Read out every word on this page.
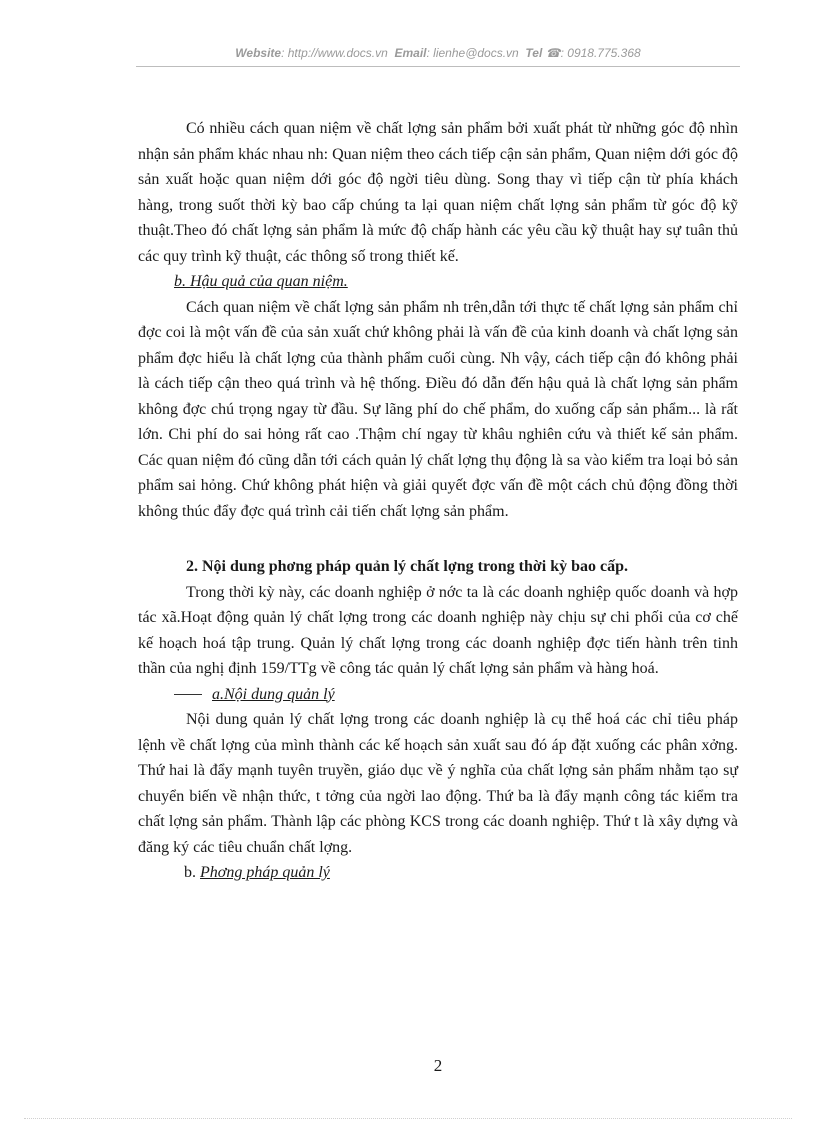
Website: http://www.docs.vn Email: lienhe@docs.vn Tel ☎: 0918.775.368

Có nhiều cách quan niệm về chất lợng sản phẩm bởi xuất phát từ những góc độ nhìn nhận sản phẩm khác nhau nh: Quan niệm theo cách tiếp cận sản phẩm, Quan niệm dới góc độ sản xuất hoặc quan niệm dới góc độ ngời tiêu dùng. Song thay vì tiếp cận từ phía khách hàng, trong suốt thời kỳ bao cấp chúng ta lại quan niệm chất lợng sản phẩm từ góc độ kỹ thuật.Theo đó chất lợng sản phẩm là mức độ chấp hành các yêu cầu kỹ thuật hay sự tuân thủ các quy trình kỹ thuật, các thông số trong thiết kế.

b. Hậu quả của quan niệm.

Cách quan niệm về chất lợng sản phẩm nh trên,dẫn tới thực tế chất lợng sản phẩm chỉ đợc coi là một vấn đề của sản xuất chứ không phải là vấn đề của kinh doanh và chất lợng sản phẩm đợc hiểu là chất lợng của thành phẩm cuối cùng. Nh vậy, cách tiếp cận đó không phải là cách tiếp cận theo quá trình và hệ thống. Điều đó dẫn đến hậu quả là chất lợng sản phẩm không đợc chú trọng ngay từ đầu. Sự lãng phí do chế phẩm, do xuống cấp sản phẩm... là rất lớn. Chi phí do sai hỏng rất cao .Thậm chí ngay từ khâu nghiên cứu và thiết kế sản phẩm. Các quan niệm đó cũng dẫn tới cách quản lý chất lợng thụ động là sa vào kiểm tra loại bỏ sản phẩm sai hỏng. Chứ không phát hiện và giải quyết đợc vấn đề một cách chủ động đồng thời không thúc đẩy đợc quá trình cải tiến chất lợng sản phẩm.

2. Nội dung phơng pháp quản lý chất lợng trong thời kỳ bao cấp.

Trong thời kỳ này, các doanh nghiệp ở nớc ta là các doanh nghiệp quốc doanh và hợp tác xã.Hoạt động quản lý chất lợng trong các doanh nghiệp này chịu sự chi phối của cơ chế kế hoạch hoá tập trung. Quản lý chất lợng trong các doanh nghiệp đợc tiến hành trên tinh thần của nghị định 159/TTg về công tác quản lý chất lợng sản phẩm và hàng hoá.

a.Nội dung quản lý

Nội dung quản lý chất lợng trong các doanh nghiệp là cụ thể hoá các chỉ tiêu pháp lệnh về chất lợng của mình thành các kế hoạch sản xuất sau đó áp đặt xuống các phân xởng. Thứ hai là đẩy mạnh tuyên truyền, giáo dục về ý nghĩa của chất lợng sản phẩm nhằm tạo sự chuyển biến về nhận thức, t tởng của ngời lao động. Thứ ba là đẩy mạnh công tác kiểm tra chất lợng sản phẩm. Thành lập các phòng KCS trong các doanh nghiệp. Thứ t là xây dựng và đăng ký các tiêu chuẩn chất lợng.

b. Phơng pháp quản lý

2
